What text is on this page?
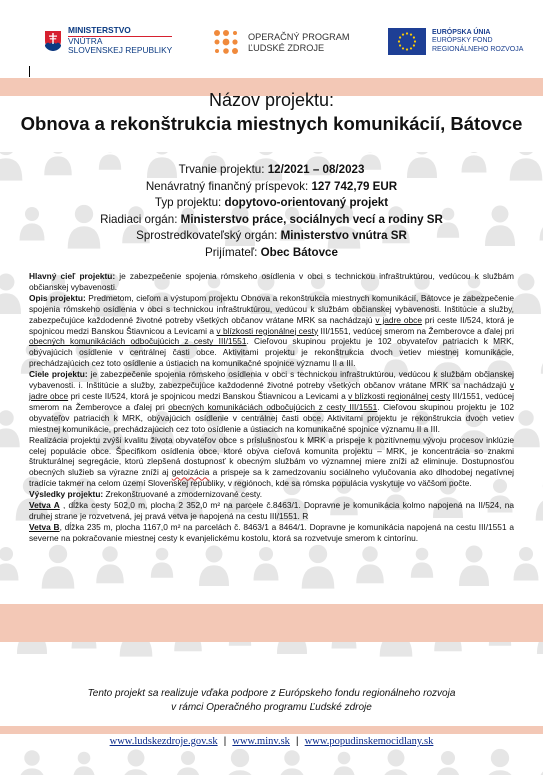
MINISTERSTVO
VNÚTRA
SLOVENSKEJ REPUBLIKY
OPERAČNÝ PROGRAM
ĽUDSKÉ ZDROJE
EURÓPSKA ÚNIA
EURÓPSKY FOND
REGIONÁLNEHO ROZVOJA
Názov projektu:
Obnova a rekonštrukcia miestnych komunikácií, Bátovce
Trvanie projektu: 12/2021 – 08/2023
Nenávratný finančný príspevok: 127 742,79 EUR
Typ projektu: dopytovo-orientovaný projekt
Riadiaci orgán: Ministerstvo práce, sociálnych vecí a rodiny SR
Sprostredkovateľský orgán: Ministerstvo vnútra SR
Prijímateľ: Obec Bátovce

Hlavný cieľ projektu: je zabezpečenie spojenia rómskeho osídlenia v obci s technickou infraštruktúrou, vedúcou k službám občianskej vybavenosti.

Opis projektu: Predmetom, cieľom a výstupom projektu Obnova a rekonštrukcia miestnych komunikácií, Bátovce je zabezpečenie spojenia rómskeho osídlenia v obci s technickou infraštruktúrou, vedúcou k službám občianskej vybavenosti. Inštitúcie a služby, zabezpečujúce každodenné životné potreby všetkých občanov vrátane MRK sa nachádzajú v jadre obce pri ceste II/524, ktorá je spojnicou medzi Banskou Štiavnicou a Levicami a v blízkosti regionálnej cesty III/1551, vedúcej smerom na Žemberovce a ďalej pri obecných komunikáciách odbočujúcich z cesty III/1551. Cieľovou skupinou projektu je 102 obyvateľov patriacich k MRK, obývajúcich osídlenie v centrálnej časti obce. Aktivitami projektu je rekonštrukcia dvoch vetiev miestnej komunikácie, prechádzajúcich cez toto osídlenie a ústiacich na komunikačné spojnice významu II a III.

Ciele projektu: je zabezpečenie spojenia rómskeho osídlenia v obci s technickou infraštruktúrou, vedúcou k službám občianskej vybavenosti. i. Inštitúcie a služby, zabezpečujúce každodenné životné potreby všetkých občanov vrátane MRK sa nachádzajú v jadre obce pri ceste II/524, ktorá je spojnicou medzi Banskou Štiavnicou a Levicami a v blízkosti regionálnej cesty III/1551, vedúcej smerom na Žemberovce a ďalej pri obecných komunikáciách odbočujúcich z cesty III/1551. Cieľovou skupinou projektu je 102 obyvateľov patriacich k MRK, obývajúcich osídlenie v centrálnej časti obce. Aktivitami projektu je rekonštrukcia dvoch vetiev miestnej komunikácie, prechádzajúcich cez toto osídlenie a ústiacich na komunikačné spojnice významu II a III.

Realizácia projektu zvýši kvalitu života obyvateľov obce s príslušnosťou k MRK a prispeje k pozitívnemu vývoju procesov inklúzie celej populácie obce. Špecifikom osídlenia obce, ktoré obýva cieľová komunita projektu – MRK, je koncentrácia so znakmi štrukturálnej segregácie, ktorú zlepšená dostupnosť k obecným službám vo významnej miere zníži až eliminuje. Dostupnosťou obecných služieb sa výrazne zníži aj getoizácia a prispeje sa k zamedzovaniu sociálneho vylučovania ako dlhodobej negatívnej tradície takmer na celom území Slovenskej republiky, v regiónoch, kde sa rómska populácia vyskytuje vo väčšom počte.

Výsledky projektu: Zrekonštruované a zmodernizované cesty.

Vetva A , dĺžka cesty 502,0 m, plocha 2 352,0 m² na parcele č.8463/1. Dopravne je komunikácia kolmo napojená na II/524, na druhej strane je rozvetvená, jej pravá vetva je napojená na cestu III/1551. R

Vetva B, dĺžka 235 m, plocha 1167,0 m² na parcelách č. 8463/1 a 8464/1. Dopravne je komunikácia napojená na cestu III/1551 a severne na pokračovanie miestnej cesty k evanjelickému kostolu, ktorá sa rozvetvuje smerom k cintorínu.

Tento projekt sa realizuje vďaka podpore z Európskeho fondu regionálneho rozvoja
v rámci Operačného programu Ľudské zdroje
www.ludskezdroje.gov.sk | www.minv.sk | www.popudinskemocidlany.sk
